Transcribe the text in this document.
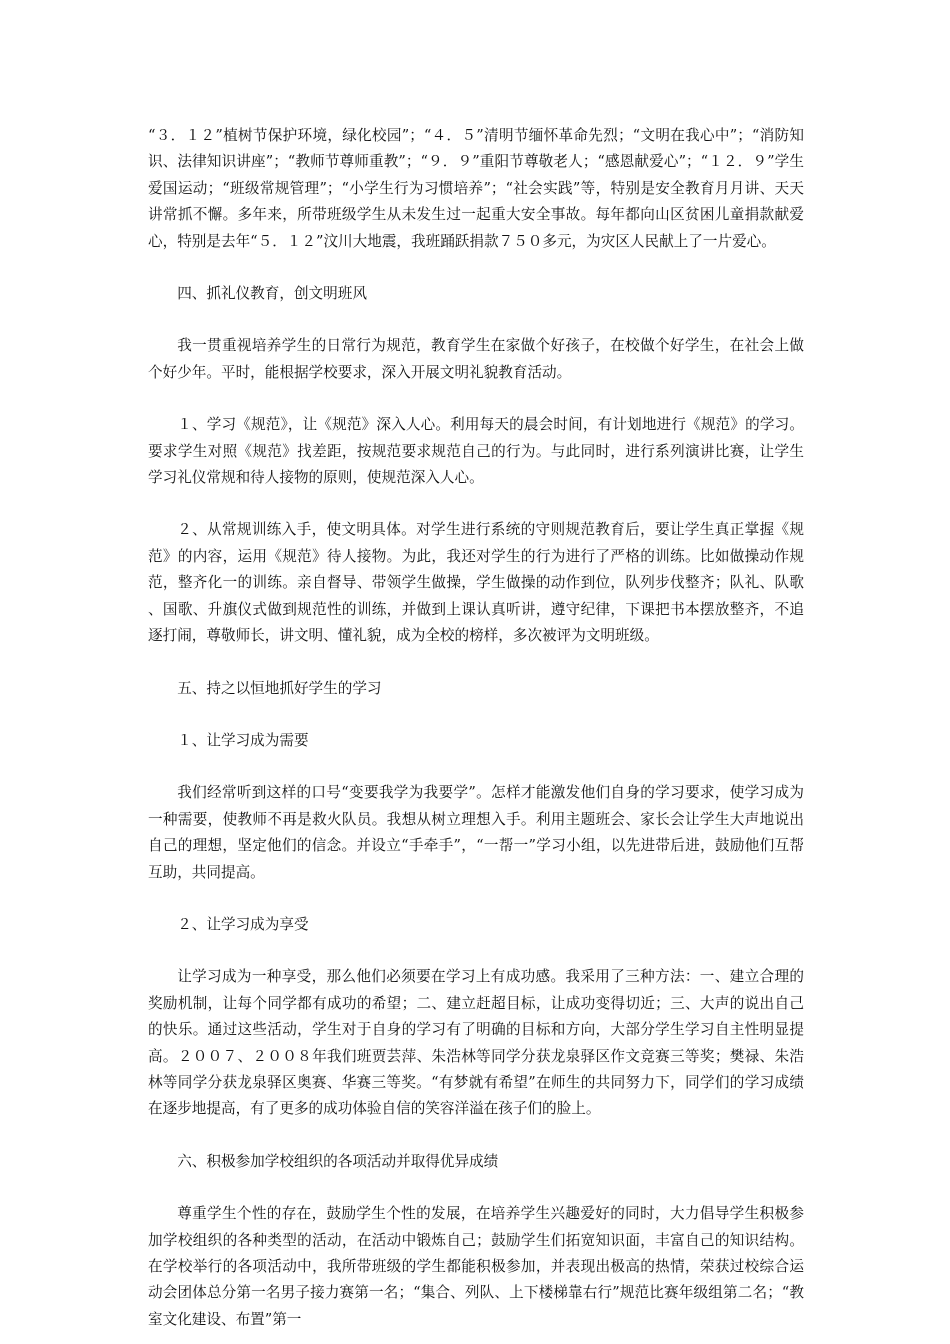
“３．１２”植树节保护环境，绿化校园”；“４．５”清明节缅怀革命先烈；“文明在我心中”；“消防知识、法律知识讲座”；“教师节尊师重教”；“９．９”重阳节尊敬老人；“感恩献爱心”；“１２．９”学生爱国运动；“班级常规管理”；“小学生行为习惯培养”；“社会实践”等，特别是安全教育月月讲、天天讲常抓不懈。多年来，所带班级学生从未发生过一起重大安全事故。每年都向山区贫困儿童捐款献爱心，特别是去年“５．１２”汶川大地震，我班踊跃捐款７５０多元，为灾区人民献上了一片爱心。

四、抓礼仪教育，创文明班风

我一贯重视培养学生的日常行为规范，教育学生在家做个好孩子，在校做个好学生，在社会上做个好少年。平时，能根据学校要求，深入开展文明礼貌教育活动。

１、学习《规范》，让《规范》深入人心。利用每天的晨会时间，有计划地进行《规范》的学习。要求学生对照《规范》找差距，按规范要求规范自己的行为。与此同时，进行系列演讲比赛，让学生学习礼仪常规和待人接物的原则，使规范深入人心。

２、从常规训练入手，使文明具体。对学生进行系统的守则规范教育后，要让学生真正掌握《规范》的内容，运用《规范》待人接物。为此，我还对学生的行为进行了严格的训练。比如做操动作规范，整齐化一的训练。亲自督导、带领学生做操，学生做操的动作到位，队列步伐整齐；队礼、队歌、国歌、升旗仪式做到规范性的训练，并做到上课认真听讲，遵守纪律，下课把书本摆放整齐，不追逐打闹，尊敬师长，讲文明、懂礼貌，成为全校的榜样，多次被评为文明班级。

五、持之以恒地抓好学生的学习

１、让学习成为需要

我们经常听到这样的口号“变要我学为我要学”。怎样才能激发他们自身的学习要求，使学习成为一种需要，使教师不再是救火队员。我想从树立理想入手。利用主题班会、家长会让学生大声地说出自己的理想，坚定他们的信念。并设立“手牵手”，“一帮一”学习小组，以先进带后进，鼓励他们互帮互助，共同提高。

２、让学习成为享受

让学习成为一种享受，那么他们必须要在学习上有成功感。我采用了三种方法：一、建立合理的奖励机制，让每个同学都有成功的希望；二、建立赶超目标，让成功变得切近；三、大声的说出自己的快乐。通过这些活动，学生对于自身的学习有了明确的目标和方向，大部分学生学习自主性明显提高。２００７、２００８年我们班贾芸萍、朱浩林等同学分获龙泉驿区作文竞赛三等奖；樊禄、朱浩林等同学分获龙泉驿区奥赛、华赛三等奖。“有梦就有希望”在师生的共同努力下，同学们的学习成绩在逐步地提高，有了更多的成功体验自信的笑容洋溢在孩子们的脸上。

六、积极参加学校组织的各项活动并取得优异成绩

尊重学生个性的存在，鼓励学生个性的发展，在培养学生兴趣爱好的同时，大力倡导学生积极参加学校组织的各种类型的活动，在活动中锻炼自己；鼓励学生们拓宽知识面，丰富自己的知识结构。在学校举行的各项活动中，我所带班级的学生都能积极参加，并表现出极高的热情，荣获过校综合运动会团体总分第一名男子接力赛第一名；“集合、列队、上下楼梯靠右行”规范比赛年级组第二名；“教室文化建设、布置”第一
